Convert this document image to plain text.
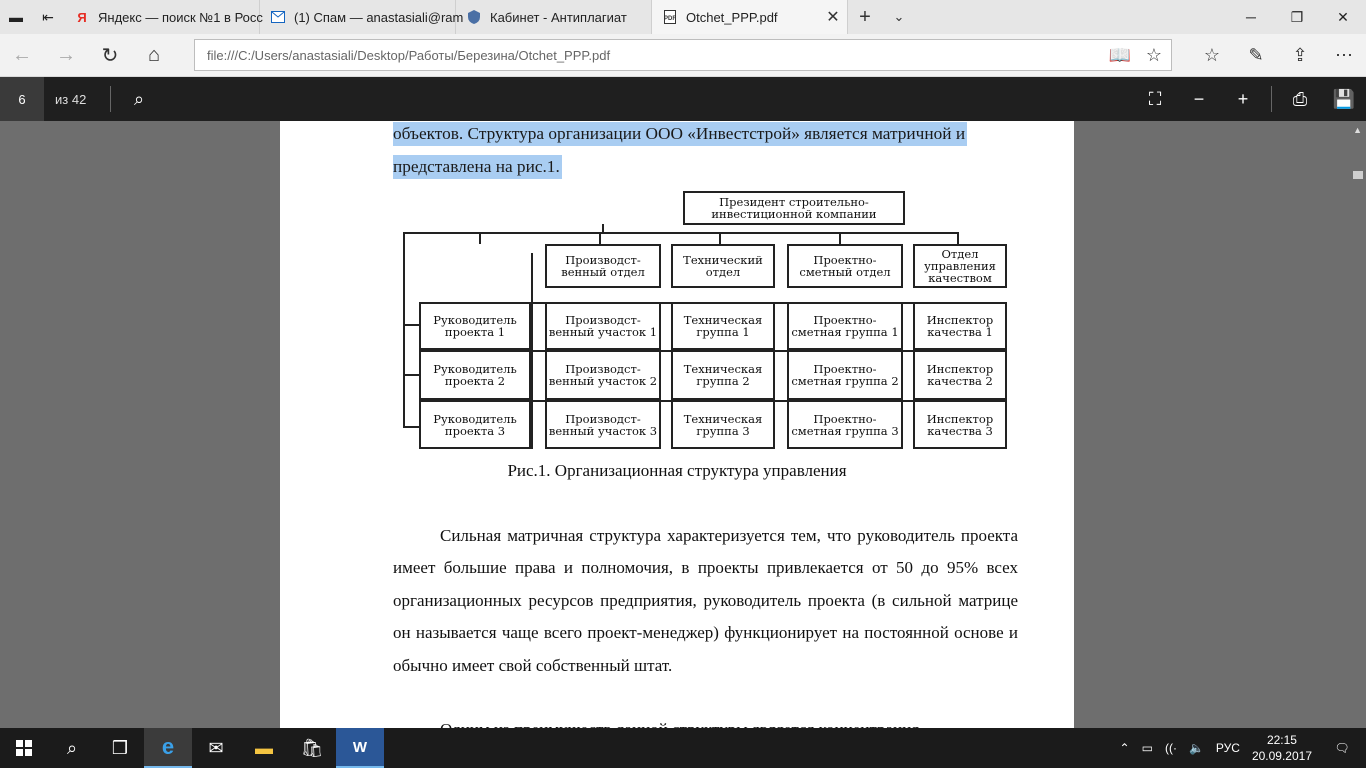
▬	⇤	Я Яндекс — поиск №1 в Росс (1) Спам — anastasiali@ram Кабинет - Антиплагиат	PDF Otchet_PPP.pdf	✕ +	⌄	─	❐	✕
←	→	↻	⌂	file:///C:/Users/anastasiali/Desktop/Работы/Березина/Otchet_PPP.pdf	📖 ☆	☆	✎	⇪	⋯
6	из 42	⌕	⛶	−	+	⎙	💾
объектов. Структура организации ООО «Инвестстрой» является матричной и
представлена на рис.1.
Президент строительно-инвестиционной компании
Производст-венный отдел
Технический отдел
Проектно-сметный отдел
Отдел управления качеством
Руководитель проекта 1
Руководитель проекта 2
Руководитель проекта 3
Производст-венный участок 1
Техническая группа 1
Проектно-сметная группа 1
Инспектор качества 1
Производст-венный участок 2
Техническая группа 2
Проектно-сметная группа 2
Инспектор качества 2
Производст-венный участок 3
Техническая группа 3
Проектно-сметная группа 3
Инспектор качества 3
Рис.1. Организационная структура управления
Сильная матричная структура характеризуется тем, что руководитель проекта имеет большие права и полномочия, в проекты привлекается от 50 до 95% всех организационных ресурсов предприятия, руководитель проекта (в сильной матрице он называется чаще всего проект-менеджер) функционирует на постоянной основе и обычно имеет свой собственный штат.
▲
⌕	❒	e	✉	▬	🛍	W	⌃	▭	((·	🔈	РУС
22:15
20.09.2017
🗨
